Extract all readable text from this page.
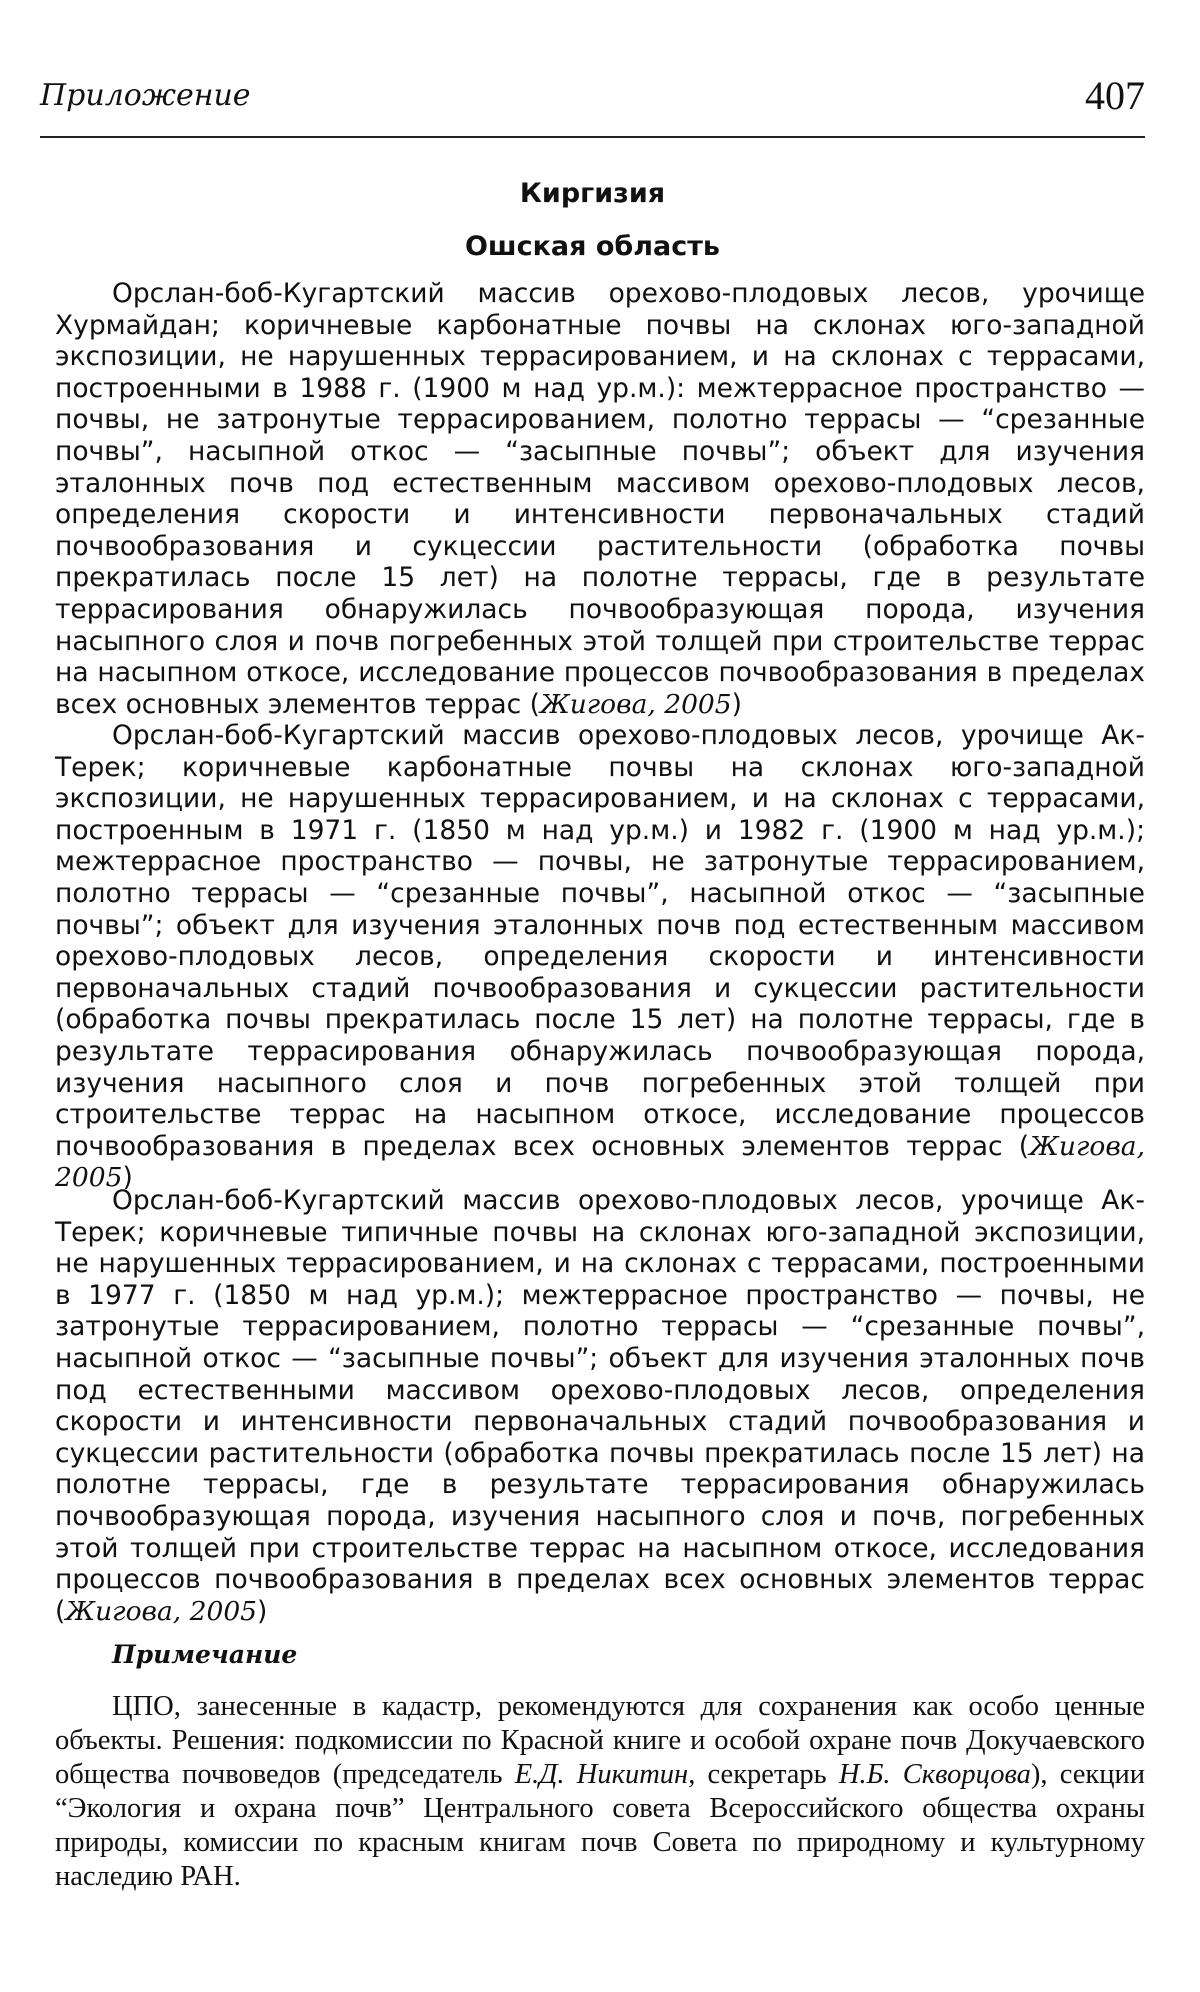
Приложение	407
Киргизия
Ошская область

Орслан-боб-Кугартский массив орехово-плодовых лесов, урочище Хурмайдан; коричневые карбонатные почвы на склонах юго-западной экспозиции, не нарушенных террасированием, и на склонах с террасами, построенными в 1988 г. (1900 м над ур.м.): межтеррасное пространство — почвы, не затронутые террасированием, полотно террасы — “срезанные почвы”, насыпной откос — “засыпные почвы”; объект для изучения эталонных почв под естественным массивом орехово-плодовых лесов, определения скорости и интенсивности первоначальных стадий почвообразования и сукцессии растительности (обработка почвы прекратилась после 15 лет) на полотне террасы, где в результате террасирования обнаружилась почвообразующая порода, изучения насыпного слоя и почв погребенных этой толщей при строительстве террас на насыпном откосе, исследование процессов почвообразования в пределах всех основных элементов террас (Жигова, 2005)

Орслан-боб-Кугартский массив орехово-плодовых лесов, урочище Ак-Терек; коричневые карбонатные почвы на склонах юго-западной экспозиции, не нарушенных террасированием, и на склонах с террасами, построенным в 1971 г. (1850 м над ур.м.) и 1982 г. (1900 м над ур.м.); межтеррасное пространство — почвы, не затронутые террасированием, полотно террасы — “срезанные почвы”, насыпной откос — “засыпные почвы”; объект для изучения эталонных почв под естественным массивом орехово-плодовых лесов, определения скорости и интенсивности первоначальных стадий почвообразования и сукцессии растительности (обработка почвы прекратилась после 15 лет) на полотне террасы, где в результате террасирования обнаружилась почвообразующая порода, изучения насыпного слоя и почв погребенных этой толщей при строительстве террас на насыпном откосе, исследование процессов почвообразования в пределах всех основных элементов террас (Жигова, 2005)

Орслан-боб-Кугартский массив орехово-плодовых лесов, урочище Ак-Терек; коричневые типичные почвы на склонах юго-западной экспозиции, не нарушенных террасированием, и на склонах с террасами, построенными в 1977 г. (1850 м над ур.м.); межтеррасное пространство — почвы, не затронутые террасированием, полотно террасы — “срезанные почвы”, насыпной откос — “засыпные почвы”; объект для изучения эталонных почв под естественными массивом орехово-плодовых лесов, определения скорости и интенсивности первоначальных стадий почвообразования и сукцессии растительности (обработка почвы прекратилась после 15 лет) на полотне террасы, где в результате террасирования обнаружилась почвообразующая порода, изучения насыпного слоя и почв, погребенных этой толщей при строительстве террас на насыпном откосе, исследования процессов почвообразования в пределах всех основных элементов террас (Жигова, 2005)

Примечание

ЦПО, занесенные в кадастр, рекомендуются для сохранения как особо ценные объекты. Решения: подкомиссии по Красной книге и особой охране почв Докучаевского общества почвоведов (председатель Е.Д. Никитин, секретарь Н.Б. Скворцова), секции “Экология и охрана почв” Центрального совета Всероссийского общества охраны природы, комиссии по красным книгам почв Совета по природному и культурному наследию РАН.
